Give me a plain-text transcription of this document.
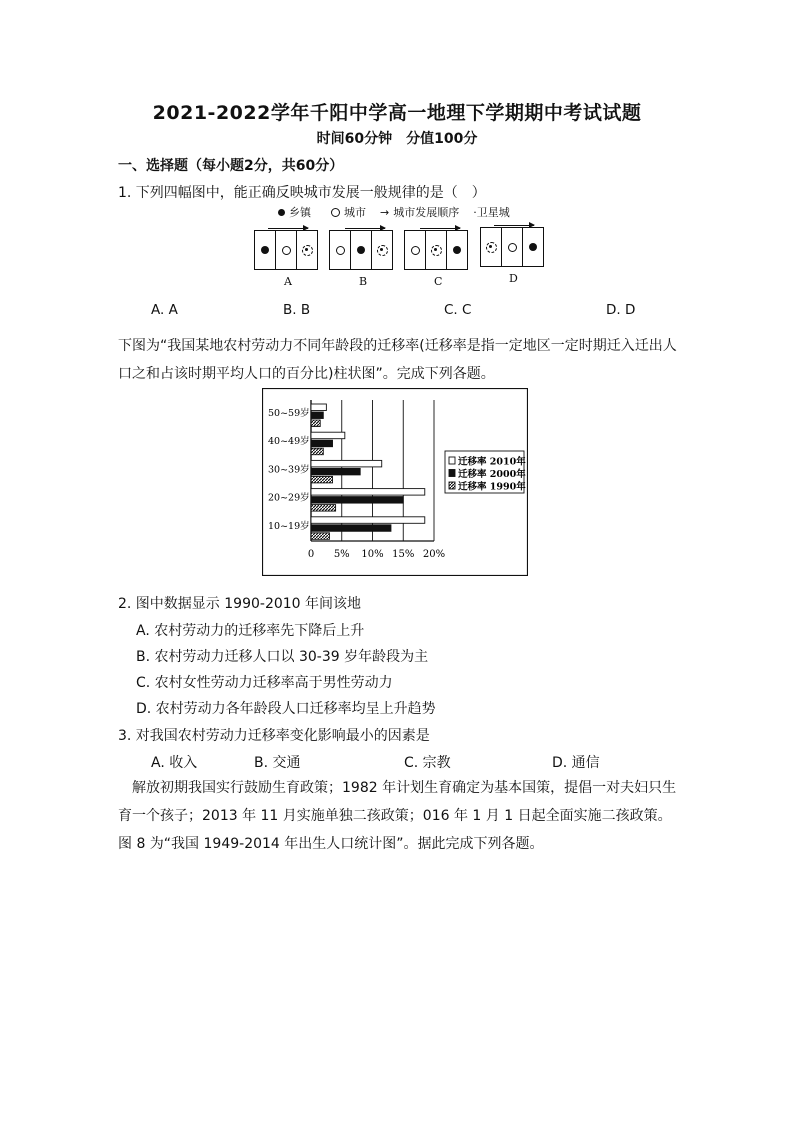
2021-2022学年千阳中学高一地理下学期期中考试试题
时间60分钟　分值100分
一、选择题（每小题2分，共60分）
1. 下列四幅图中，能正确反映城市发展一般规律的是（　）
乡镇	城市 → 城市发展顺序 ·卫星城
A	B	C	D
A. A	B. B	C. C	D. D
下图为“我国某地农村劳动力不同年龄段的迁移率(迁移率是指一定地区一定时期迁入迁出人口之和占该时期平均人口的百分比)柱状图”。完成下列各题。
0 5% 10% 15% 20%
50~59岁
40~49岁
30~39岁
20~29岁
10~19岁
迁移率 2010年
迁移率 2000年
迁移率 1990年
2. 图中数据显示 1990-2010 年间该地
A. 农村劳动力的迁移率先下降后上升
B. 农村劳动力迁移人口以 30-39 岁年龄段为主
C. 农村女性劳动力迁移率高于男性劳动力
D. 农村劳动力各年龄段人口迁移率均呈上升趋势
3. 对我国农村劳动力迁移率变化影响最小的因素是
A. 收入	B. 交通	C. 宗教	D. 通信
　解放初期我国实行鼓励生育政策；1982 年计划生育确定为基本国策，提倡一对夫妇只生育一个孩子；2013 年 11 月实施单独二孩政策；016 年 1 月 1 日起全面实施二孩政策。图 8 为“我国 1949-2014 年出生人口统计图”。据此完成下列各题。
